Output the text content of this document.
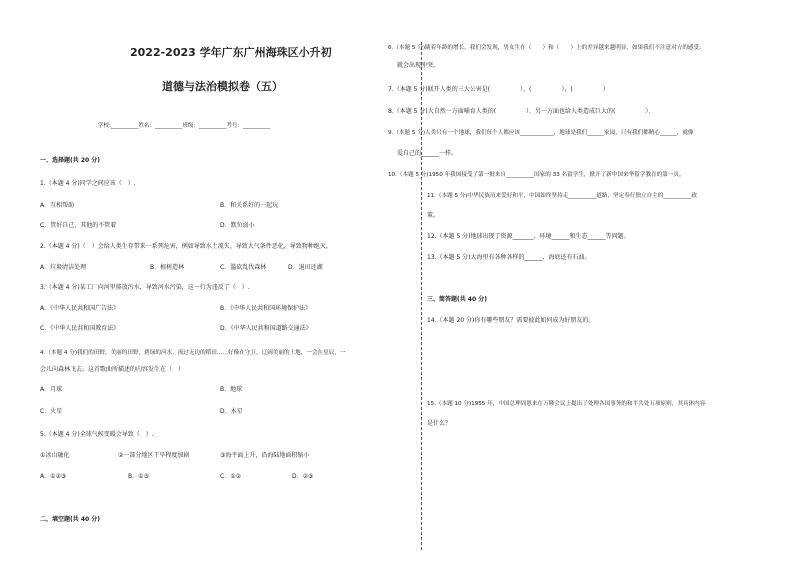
2022-2023 学年广东广州海珠区小升初
道德与法治模拟卷（五）
学校:__________姓名：__________班级：__________考号：__________
一、选择题(共 20 分)
1.（本题 4 分)同学之间应该（　）.
A．互相帮助	B．和关系好的一起玩
C．管好自己，其他的不管着	D．默负弱小
2.（本题 4 分)（　）会给人类生存带来一系列危害，例如导致水土流失、导致大气条件恶化，导致物种绝灭。
A．垃圾清洁处理	B．植树造林	C．滥砍乱伐森林	D．退田还湖
3.（本题 4 分)某工厂向河里排放污水，导致河水污染，这一行为违反了（　）.
A．《中华人民共和国广告法》	B．《中华人民共和国环境保护法》
C．《中华人民共和国教育法》	D．《中华人民共和国道路交通法》
4.（本题 4 分)我们的田野，美丽的田野，碧绿的河水，流过无边的稻田……好像在守卫，辽阔美丽的土地，一会在星辰，一
会儿向森林飞去。这首歌曲所描述的内容发生在（　）
A．月球	B．地球
C．火星	D．木星
5.（本题 4 分)全球气候变暖会导致（　）.
①冰山融化	②一部分地区干旱程度加剧	③海平面上升，沿海陆地面积缩小
A．①②③	B．①③	C．①②	D．②③
二、填空题(共 40 分)
6.（本题 5 分)随着年龄的增长，我们会发现，男女生在（　　）和（　　）上的差异越来越明显，如果我们不注意对方的感受，
就会出现冲突。
7.（本题 5 分)联开人类的三大公害是(　　　　　）、(　　　　　）、(　　　　　）
8.（本题 5 分)大自然一方面哺育人类的(　　　　　）．另一方面也给人类造成巨大的(　　　　　）．
9.（本题 5 分)人类只有一个地球，我们每个人都应该____________，地球是我们______家园，只有我们都精心______，就像
爱自己的______一样。
10.（本题 5 分)1950 年我国接受了第一批来自__________国家的 33 名留学生，掀开了新中国来华留学教育的第一页。
11.（本题 5 分)中华民族历来爱好和平，中国始终坚持走__________道路，坚定奉行独立自主的__________政
策。
12.（本题 5 分)地球出现了资源_______、环境______和生态______等问题。
13.（本题 5 分)大海里有各种各样的______，海底还有石油。
三、简答题(共 40 分)
14.（本题 20 分)你有哪些朋友？需要彼此如何成为好朋友的。
15.（本题 10 分)1955 年，中国总理周恩来在万隆会议上提出了处理各国事务的和平共处五项原则，其具体内容
是什么？
